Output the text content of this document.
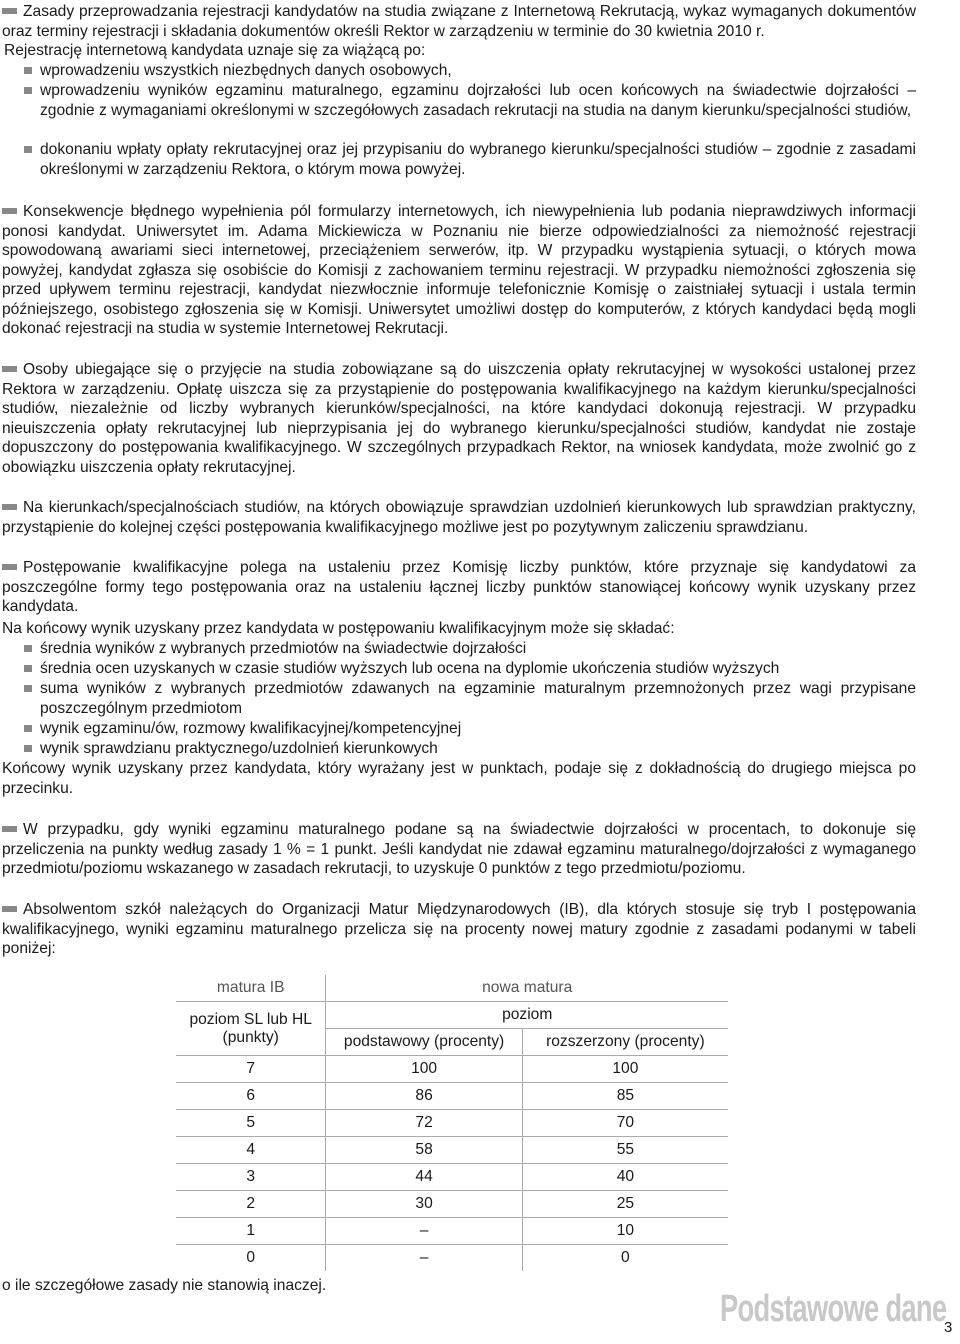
Zasady przeprowadzania rejestracji kandydatów na studia związane z Internetową Rekrutacją, wykaz wymaganych dokumentów oraz terminy rejestracji i składania dokumentów określi Rektor w zarządzeniu w terminie do 30 kwietnia 2010 r.

Rejestrację internetową kandydata uznaje się za wiążącą po:

wprowadzeniu wszystkich niezbędnych danych osobowych,

wprowadzeniu wyników egzaminu maturalnego, egzaminu dojrzałości lub ocen końcowych na świadectwie dojrzałości – zgodnie z wymaganiami określonymi w szczegółowych zasadach rekrutacji na studia na danym kierunku/specjalności studiów,

dokonaniu wpłaty opłaty rekrutacyjnej oraz jej przypisaniu do wybranego kierunku/specjalności studiów – zgodnie z zasadami określonymi w zarządzeniu Rektora, o którym mowa powyżej.

Konsekwencje błędnego wypełnienia pól formularzy internetowych, ich niewypełnienia lub podania nieprawdziwych informacji ponosi kandydat. Uniwersytet im. Adama Mickiewicza w Poznaniu nie bierze odpowiedzialności za niemożność rejestracji spowodowaną awariami sieci internetowej, przeciążeniem serwerów, itp. W przypadku wystąpienia sytuacji, o których mowa powyżej, kandydat zgłasza się osobiście do Komisji z zachowaniem terminu rejestracji. W przypadku niemożności zgłoszenia się przed upływem terminu rejestracji, kandydat niezwłocznie informuje telefonicznie Komisję o zaistniałej sytuacji i ustala termin późniejszego, osobistego zgłoszenia się w Komisji. Uniwersytet umożliwi dostęp do komputerów, z których kandydaci będą mogli dokonać rejestracji na studia w systemie Internetowej Rekrutacji.

Osoby ubiegające się o przyjęcie na studia zobowiązane są do uiszczenia opłaty rekrutacyjnej w wysokości ustalonej przez Rektora w zarządzeniu. Opłatę uiszcza się za przystąpienie do postępowania kwalifikacyjnego na każdym kierunku/specjalności studiów, niezależnie od liczby wybranych kierunków/specjalności, na które kandydaci dokonują rejestracji. W przypadku nieuiszczenia opłaty rekrutacyjnej lub nieprzypisania jej do wybranego kierunku/specjalności studiów, kandydat nie zostaje dopuszczony do postępowania kwalifikacyjnego. W szczególnych przypadkach Rektor, na wniosek kandydata, może zwolnić go z obowiązku uiszczenia opłaty rekrutacyjnej.

Na kierunkach/specjalnościach studiów, na których obowiązuje sprawdzian uzdolnień kierunkowych lub sprawdzian praktyczny, przystąpienie do kolejnej części postępowania kwalifikacyjnego możliwe jest po pozytywnym zaliczeniu sprawdzianu.

Postępowanie kwalifikacyjne polega na ustaleniu przez Komisję liczby punktów, które przyznaje się kandydatowi za poszczególne formy tego postępowania oraz na ustaleniu łącznej liczby punktów stanowiącej końcowy wynik uzyskany przez kandydata.

Na końcowy wynik uzyskany przez kandydata w postępowaniu kwalifikacyjnym może się składać:

średnia wyników z wybranych przedmiotów na świadectwie dojrzałości

średnia ocen uzyskanych w czasie studiów wyższych lub ocena na dyplomie ukończenia studiów wyższych

suma wyników z wybranych przedmiotów zdawanych na egzaminie maturalnym przemnożonych przez wagi przypisane poszczególnym przedmiotom

wynik egzaminu/ów, rozmowy kwalifikacyjnej/kompetencyjnej

wynik sprawdzianu praktycznego/uzdolnień kierunkowych

Końcowy wynik uzyskany przez kandydata, który wyrażany jest w punktach, podaje się z dokładnością do drugiego miejsca po przecinku.

W przypadku, gdy wyniki egzaminu maturalnego podane są na świadectwie dojrzałości w procentach, to dokonuje się przeliczenia na punkty według zasady 1 % = 1 punkt. Jeśli kandydat nie zdawał egzaminu maturalnego/dojrzałości z wymaganego przedmiotu/poziomu wskazanego w zasadach rekrutacji, to uzyskuje 0 punktów z tego przedmiotu/poziomu.

Absolwentom szkół należących do Organizacji Matur Międzynarodowych (IB), dla których stosuje się tryb I postępowania kwalifikacyjnego, wyniki egzaminu maturalnego przelicza się na procenty nowej matury zgodnie z zasadami podanymi w tabeli poniżej:

matura IB	nowa matura	
poziom SL lub HL (punkty)	poziom	
	podstawowy (procenty)	rozszerzony (procenty)
7	100	100
6	86	85
5	72	70
4	58	55
3	44	40
2	30	25
1	–	10
0	–	0

o ile szczegółowe zasady nie stanowią inaczej.

Podstawowe dane
3
